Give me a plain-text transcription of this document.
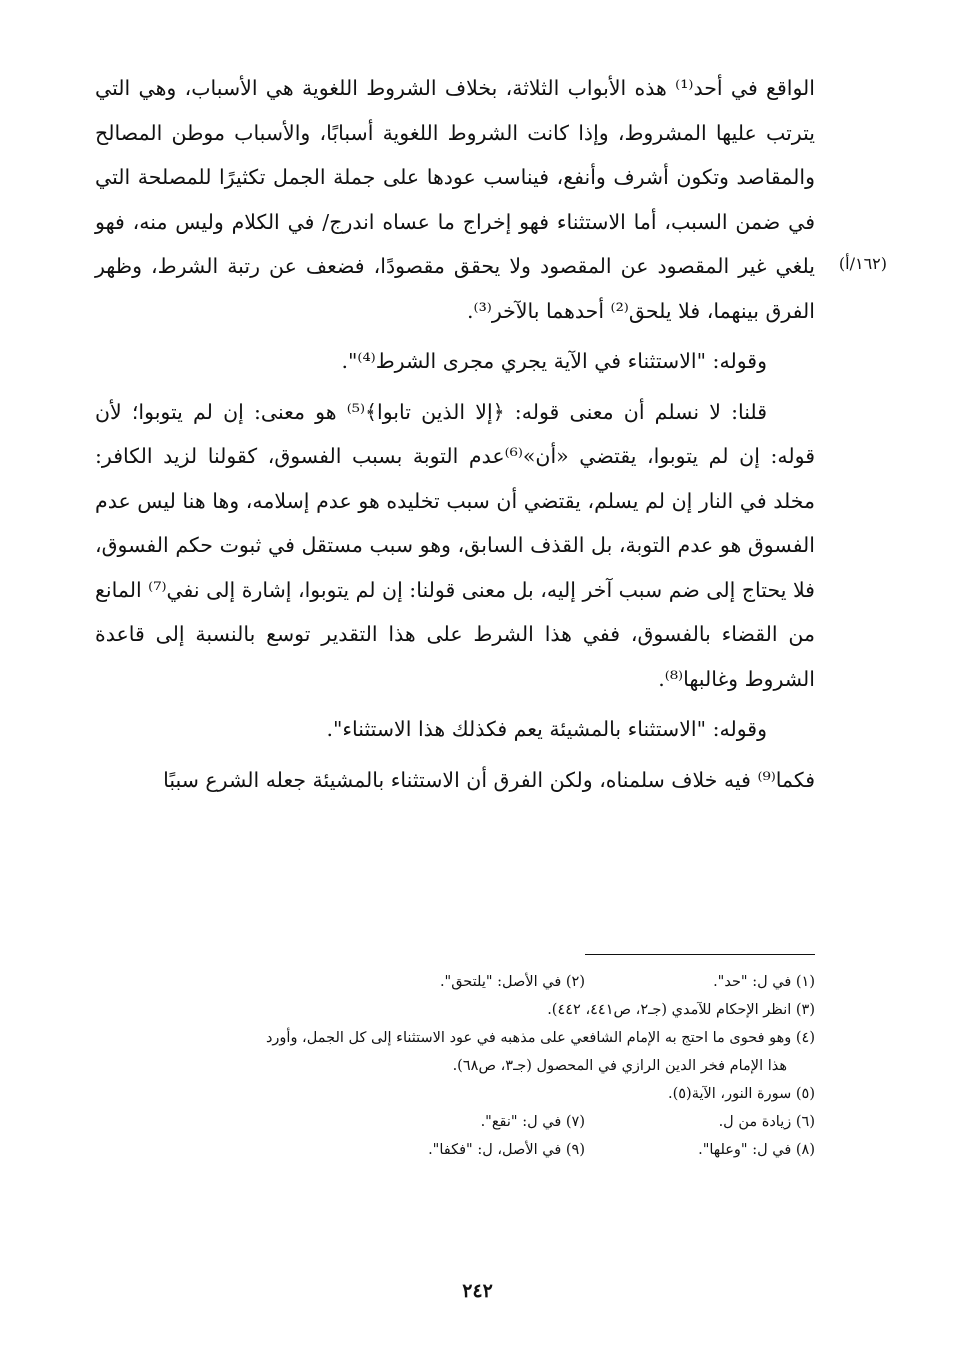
(١٦٢/أ)

الواقع في أحد⁽¹⁾ هذه الأبواب الثلاثة، بخلاف الشروط اللغوية هي الأسباب، وهي التي يترتب عليها المشروط، وإذا كانت الشروط اللغوية أسبابًا، والأسباب موطن المصالح والمقاصد وتكون أشرف وأنفع، فيناسب عودها على جملة الجمل تكثيرًا للمصلحة التي في ضمن السبب، أما الاستثناء فهو إخراج ما عساه اندرج/ في الكلام وليس منه، فهو يلغي غير المقصود عن المقصود ولا يحقق مقصودًا، فضعف عن رتبة الشرط، وظهر الفرق بينهما، فلا يلحق⁽²⁾ أحدهما بالآخر⁽³⁾.

وقوله: "الاستثناء في الآية يجري مجرى الشرط⁽⁴⁾".

قلنا: لا نسلم أن معنى قوله: ﴿إلا الذين تابوا﴾⁽⁵⁾ هو معنى: إن لم يتوبوا؛ لأن قوله: إن لم يتوبوا، يقتضي «أن»⁽⁶⁾عدم التوبة بسبب الفسوق، كقولنا لزيد الكافر: مخلد في النار إن لم يسلم، يقتضي أن سبب تخليده هو عدم إسلامه، وها هنا ليس عدم الفسوق هو عدم التوبة، بل القذف السابق، وهو سبب مستقل في ثبوت حكم الفسوق، فلا يحتاج إلى ضم سبب آخر إليه، بل معنى قولنا: إن لم يتوبوا، إشارة إلى نفي⁽⁷⁾ المانع من القضاء بالفسوق، ففي هذا الشرط على هذا التقدير توسع بالنسبة إلى قاعدة الشروط وغالبها⁽⁸⁾.

وقوله: "الاستثناء بالمشيئة يعم فكذلك هذا الاستثناء".

فكما⁽⁹⁾ فيه خلاف سلمناه، ولكن الفرق أن الاستثناء بالمشيئة جعله الشرع سببًا

(١) في ل: "حد".
(٢) في الأصل: "يلتحق".
(٣) انظر الإحكام للآمدي (جـ٢، ص٤٤١، ٤٤٢).
(٤) وهو فحوى ما احتج به الإمام الشافعي على مذهبه في عود الاستثناء إلى كل الجمل، وأورد
هذا الإمام فخر الدين الرازي في المحصول (جـ٣، ص٦٨).
(٥) سورة النور، الآية(٥).
(٦) زيادة من ل.
(٧) في ل: "نقع".
(٨) في ل: "وعلها".
(٩) في الأصل، ل: "فكفا".
٢٤٢
